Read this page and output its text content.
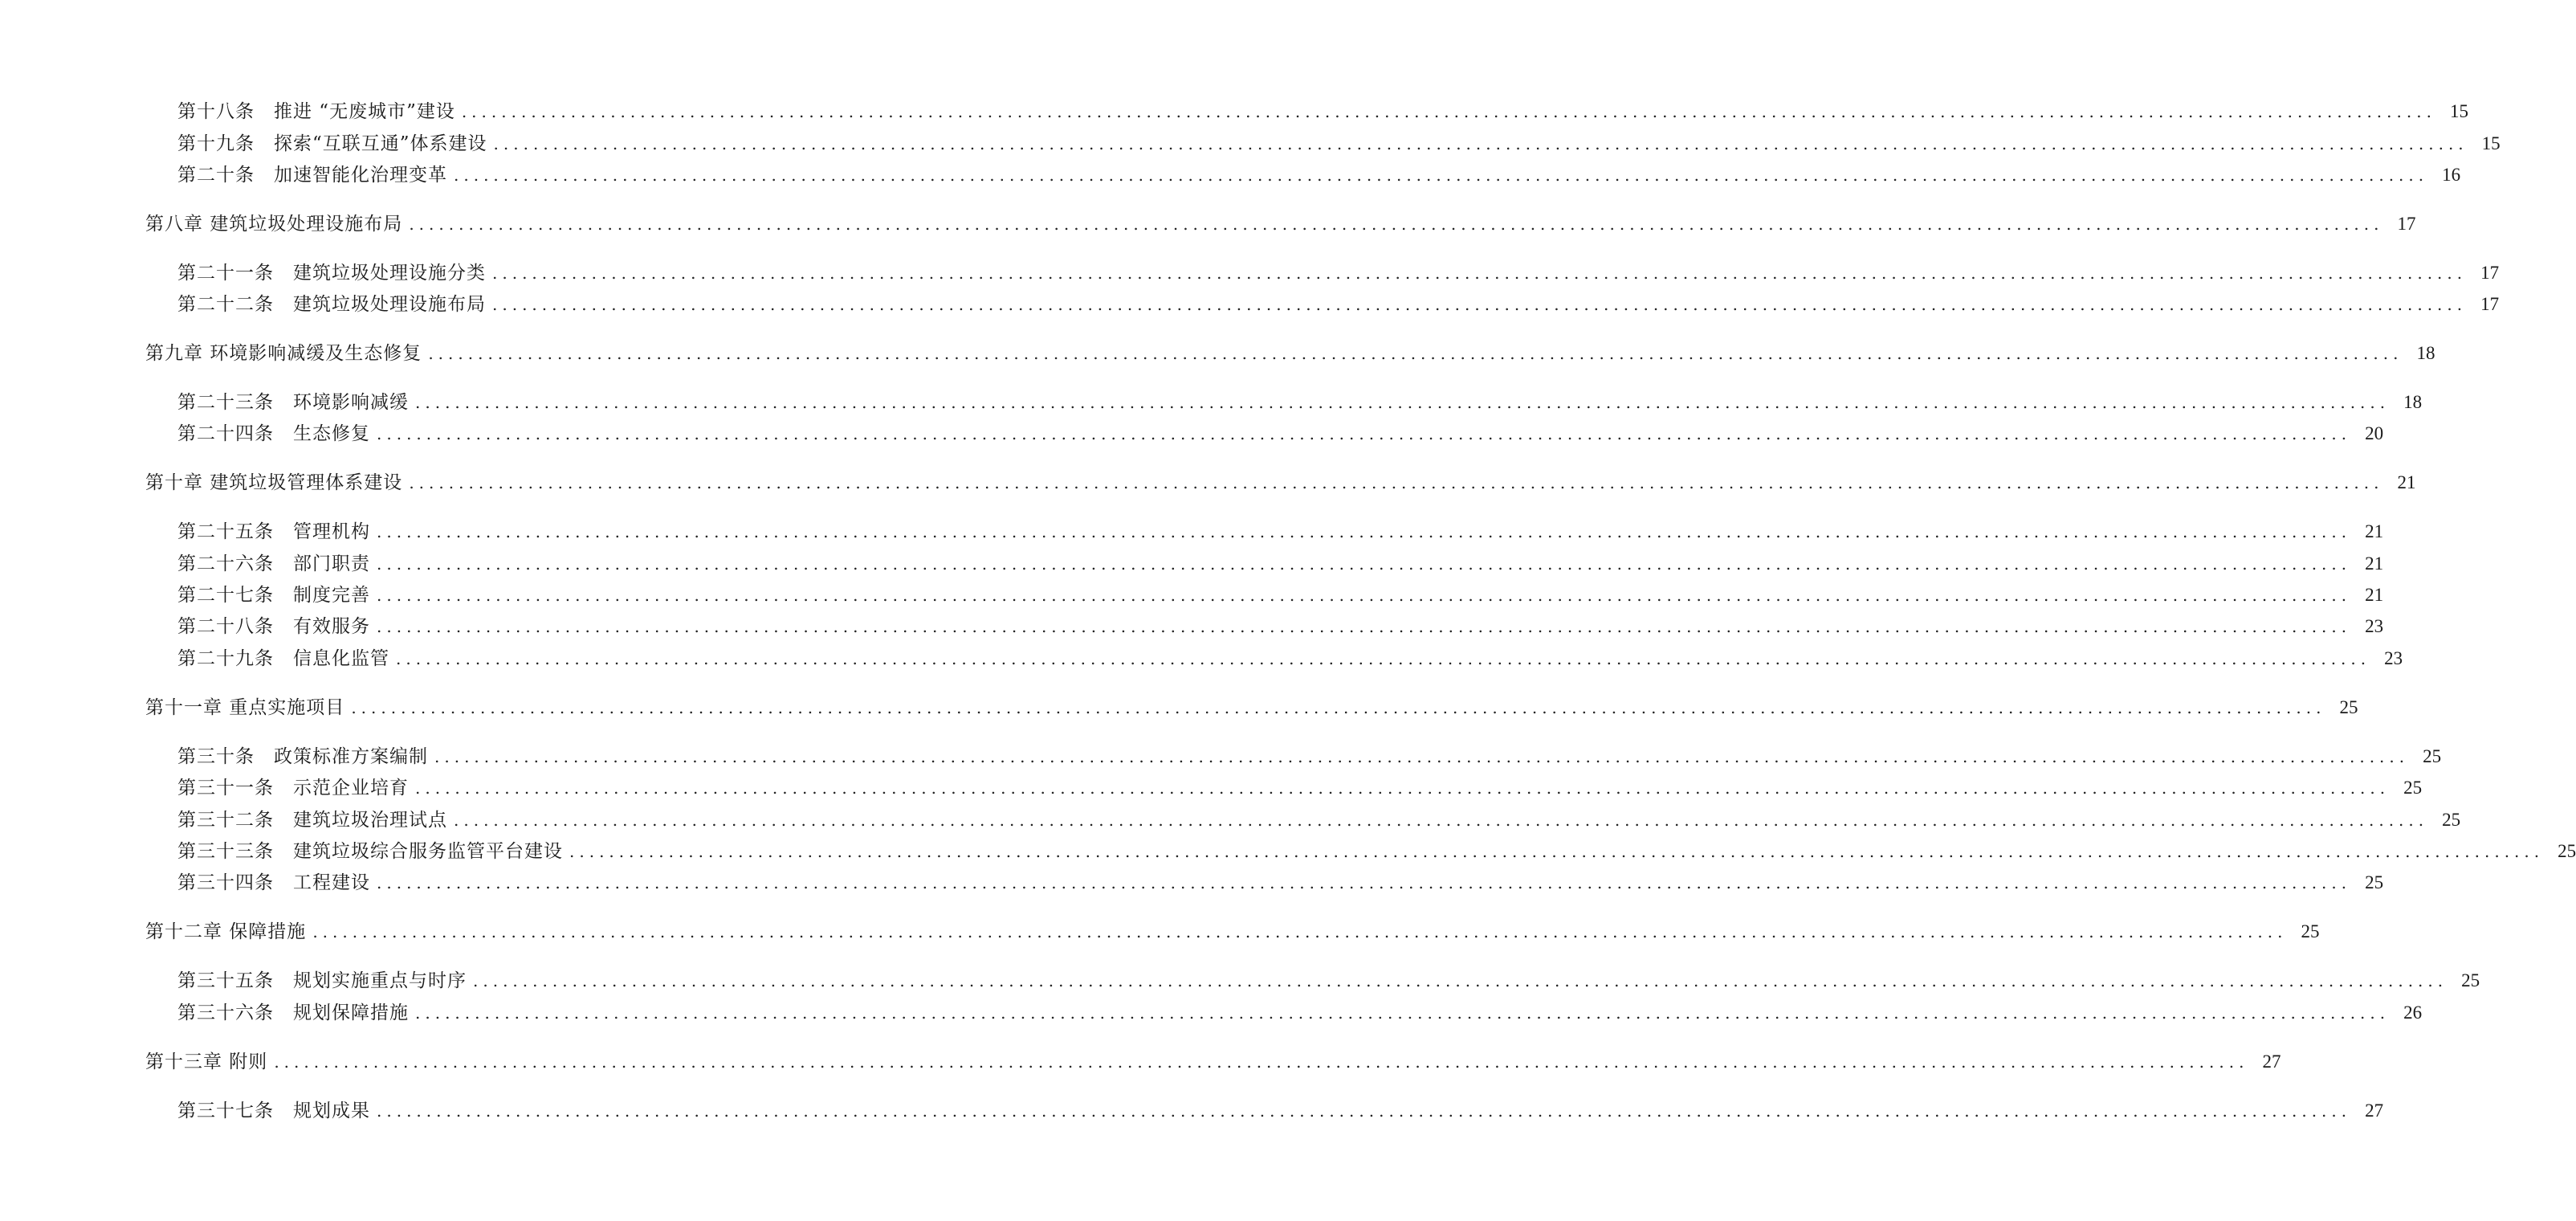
第十八条　推进 “无废城市”建设 ....................................................................................................................................................................................................... 15
第十九条　探索“互联互通”体系建设 ....................................................................................................................................................................................................... 15
第二十条　加速智能化治理变革 ....................................................................................................................................................................................................... 16
第八章 建筑垃圾处理设施布局 ....................................................................................................................................................................................................... 17
第二十一条　建筑垃圾处理设施分类 ....................................................................................................................................................................................................... 17
第二十二条　建筑垃圾处理设施布局 ....................................................................................................................................................................................................... 17
第九章 环境影响减缓及生态修复 ....................................................................................................................................................................................................... 18
第二十三条　环境影响减缓 ....................................................................................................................................................................................................... 18
第二十四条　生态修复 ....................................................................................................................................................................................................... 20
第十章 建筑垃圾管理体系建设 ....................................................................................................................................................................................................... 21
第二十五条　管理机构 ....................................................................................................................................................................................................... 21
第二十六条　部门职责 ....................................................................................................................................................................................................... 21
第二十七条　制度完善 ....................................................................................................................................................................................................... 21
第二十八条　有效服务 ....................................................................................................................................................................................................... 23
第二十九条　信息化监管 ....................................................................................................................................................................................................... 23
第十一章 重点实施项目 ....................................................................................................................................................................................................... 25
第三十条　政策标准方案编制 ....................................................................................................................................................................................................... 25
第三十一条　示范企业培育 ....................................................................................................................................................................................................... 25
第三十二条　建筑垃圾治理试点 ....................................................................................................................................................................................................... 25
第三十三条　建筑垃圾综合服务监管平台建设 ....................................................................................................................................................................................................... 25
第三十四条　工程建设 ....................................................................................................................................................................................................... 25
第十二章 保障措施 ....................................................................................................................................................................................................... 25
第三十五条　规划实施重点与时序 ....................................................................................................................................................................................................... 25
第三十六条　规划保障措施 ....................................................................................................................................................................................................... 26
第十三章 附则 ....................................................................................................................................................................................................... 27
第三十七条　规划成果 ....................................................................................................................................................................................................... 27
